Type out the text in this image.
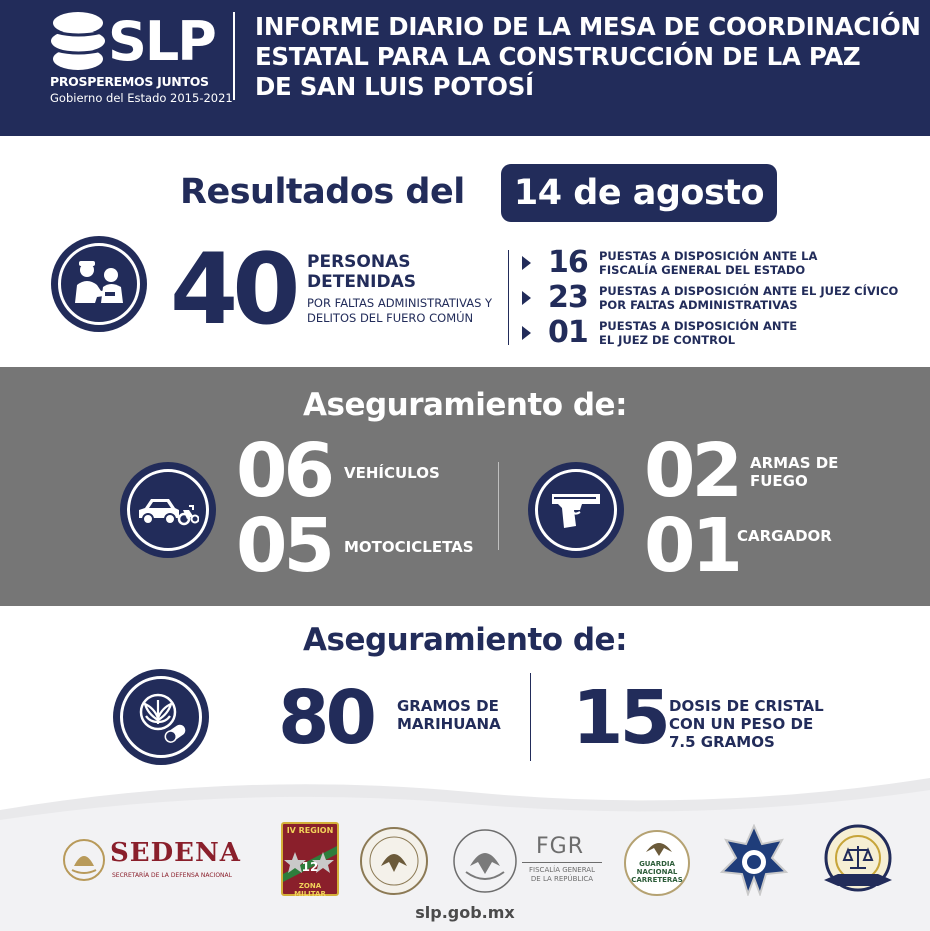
SLP
PROSPEREMOS JUNTOS
Gobierno del Estado 2015-2021
INFORME DIARIO DE LA MESA DE COORDINACIÓN
ESTATAL PARA LA CONSTRUCCIÓN DE LA PAZ
DE SAN LUIS POTOSÍ
Resultados del	14 de agosto
40 PERSONAS
DETENIDAS
POR FALTAS ADMINISTRATIVAS Y
DELITOS DEL FUERO COMÚN
16 PUESTAS A DISPOSICIÓN ANTE LA
FISCALÍA GENERAL DEL ESTADO
23 PUESTAS A DISPOSICIÓN ANTE EL JUEZ CÍVICO
POR FALTAS ADMINISTRATIVAS
01 PUESTAS A DISPOSICIÓN ANTE
EL JUEZ DE CONTROL
Aseguramiento de:
06 VEHÍCULOS
05 MOTOCICLETAS
02 ARMAS DE
FUEGO
01
CARGADOR
Aseguramiento de:
80 GRAMOS DE
MARIHUANA 15 DOSIS DE CRISTAL
CON UN PESO DE
7.5 GRAMOS
SEDENA
SECRETARÍA DE LA DEFENSA NACIONAL
IV REGION
12
ZONA MILITAR
FGR
FISCALÍA GENERAL
DE LA REPÚBLICA
GUARDIA
NACIONAL
CARRETERAS
slp.gob.mx
